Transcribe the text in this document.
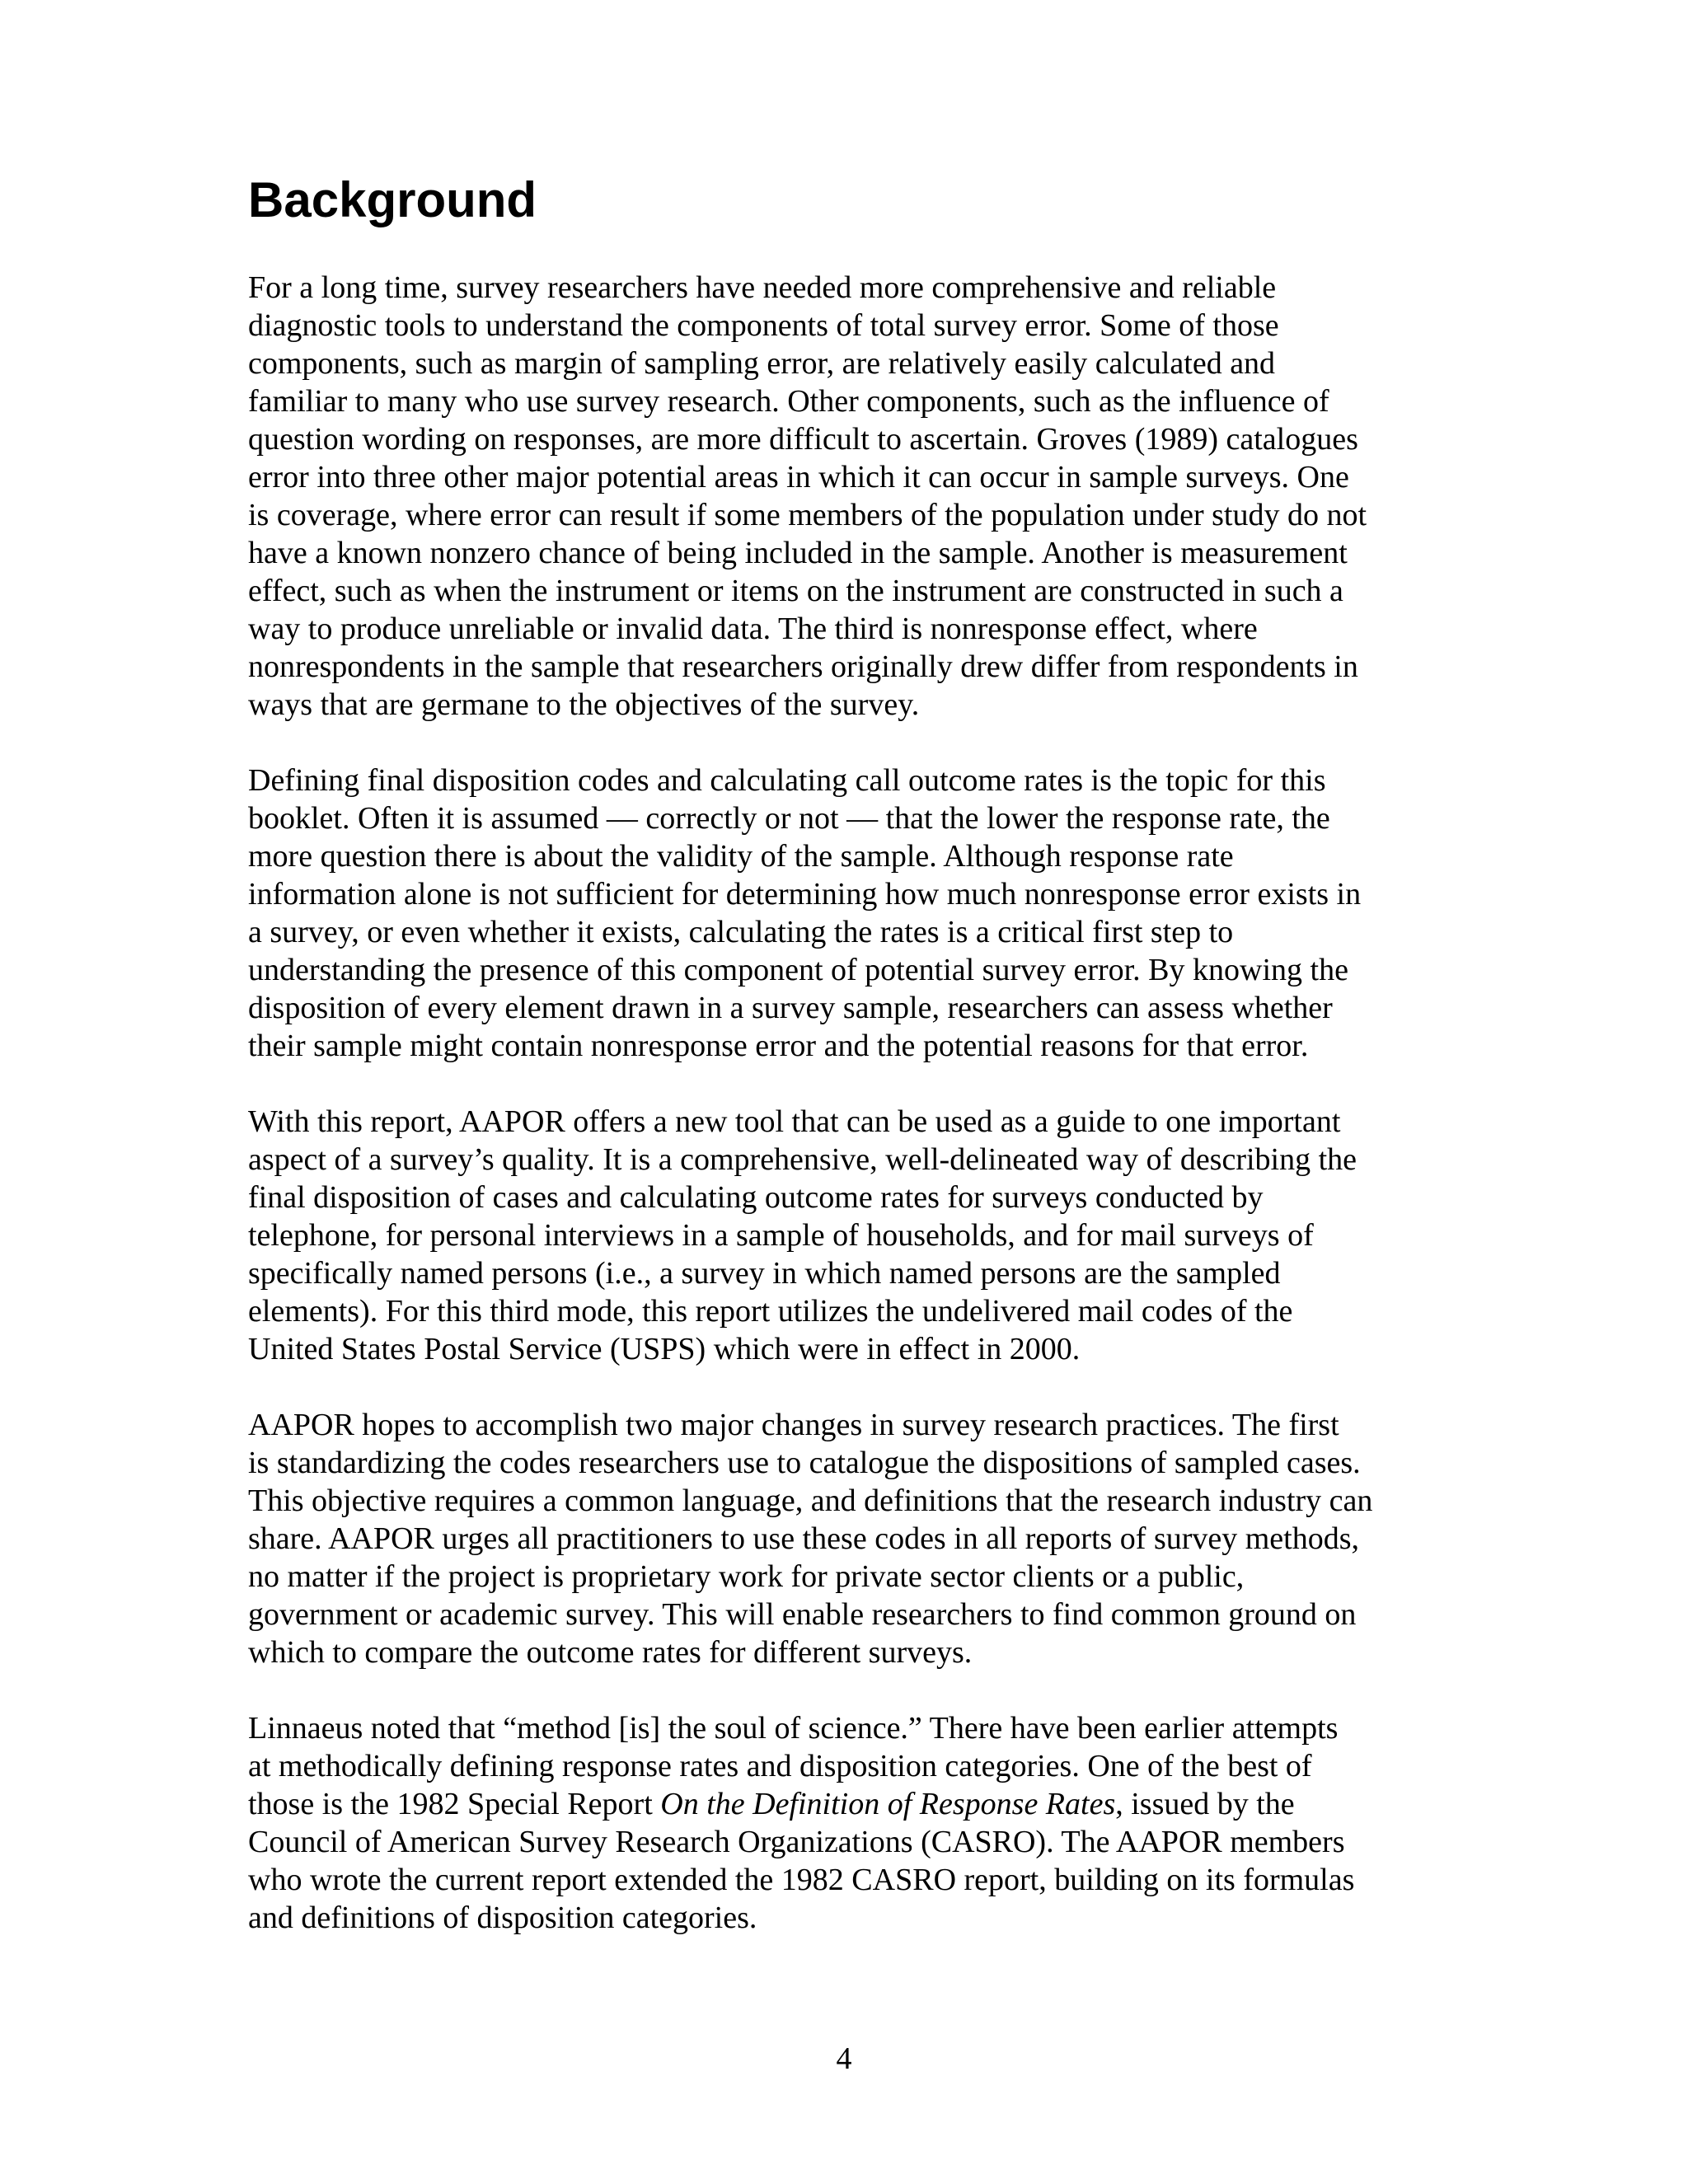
Background

For a long time, survey researchers have needed more comprehensive and reliable
diagnostic tools to understand the components of total survey error. Some of those
components, such as margin of sampling error, are relatively easily calculated and
familiar to many who use survey research. Other components, such as the influence of
question wording on responses, are more difficult to ascertain. Groves (1989) catalogues
error into three other major potential areas in which it can occur in sample surveys. One
is coverage, where error can result if some members of the population under study do not
have a known nonzero chance of being included in the sample. Another is measurement
effect, such as when the instrument or items on the instrument are constructed in such a
way to produce unreliable or invalid data. The third is nonresponse effect, where
nonrespondents in the sample that researchers originally drew differ from respondents in
ways that are germane to the objectives of the survey.

Defining final disposition codes and calculating call outcome rates is the topic for this
booklet. Often it is assumed — correctly or not — that the lower the response rate, the
more question there is about the validity of the sample. Although response rate
information alone is not sufficient for determining how much nonresponse error exists in
a survey, or even whether it exists, calculating the rates is a critical first step to
understanding the presence of this component of potential survey error. By knowing the
disposition of every element drawn in a survey sample, researchers can assess whether
their sample might contain nonresponse error and the potential reasons for that error.

With this report, AAPOR offers a new tool that can be used as a guide to one important
aspect of a survey’s quality. It is a comprehensive, well-delineated way of describing the
final disposition of cases and calculating outcome rates for surveys conducted by
telephone, for personal interviews in a sample of households, and for mail surveys of
specifically named persons (i.e., a survey in which named persons are the sampled
elements). For this third mode, this report utilizes the undelivered mail codes of the
United States Postal Service (USPS) which were in effect in 2000.

AAPOR hopes to accomplish two major changes in survey research practices. The first
is standardizing the codes researchers use to catalogue the dispositions of sampled cases.
This objective requires a common language, and definitions that the research industry can
share. AAPOR urges all practitioners to use these codes in all reports of survey methods,
no matter if the project is proprietary work for private sector clients or a public,
government or academic survey. This will enable researchers to find common ground on
which to compare the outcome rates for different surveys.

Linnaeus noted that “method [is] the soul of science.” There have been earlier attempts
at methodically defining response rates and disposition categories. One of the best of
those is the 1982 Special Report On the Definition of Response Rates, issued by the
Council of American Survey Research Organizations (CASRO). The AAPOR members
who wrote the current report extended the 1982 CASRO report, building on its formulas
and definitions of disposition categories.

4
